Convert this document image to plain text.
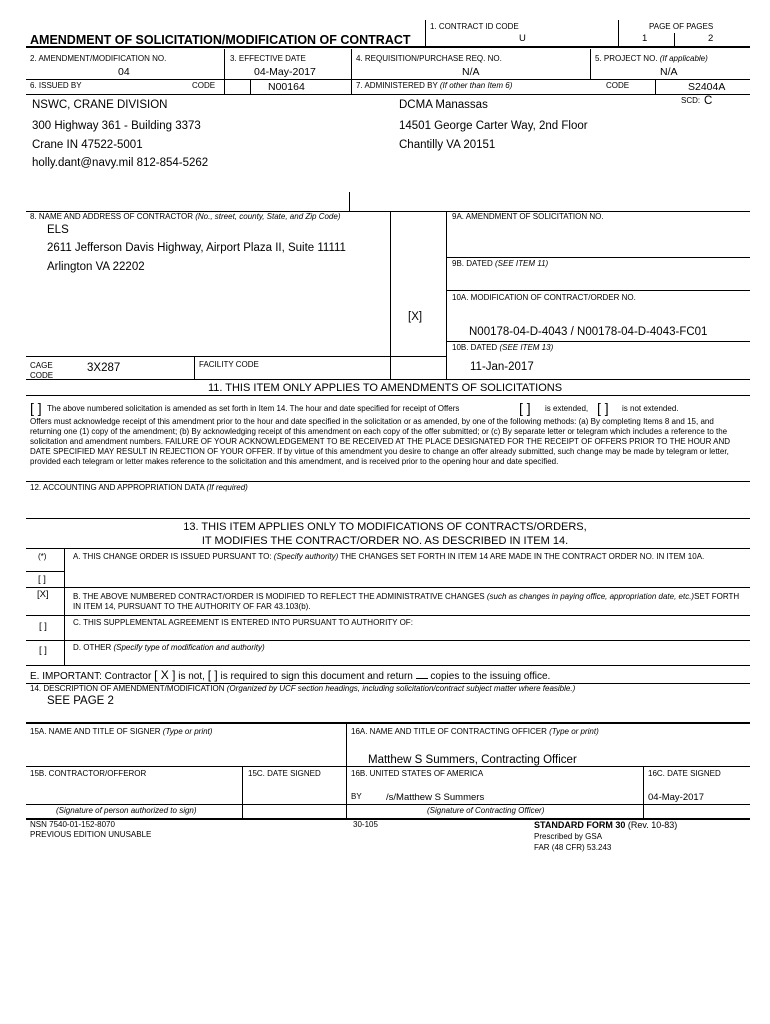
1. CONTRACT ID CODE
U
PAGE OF PAGES
1	2
AMENDMENT OF SOLICITATION/MODIFICATION OF CONTRACT
2. AMENDMENT/MODIFICATION NO.
04
3. EFFECTIVE DATE
04-May-2017
4. REQUISITION/PURCHASE REQ. NO.
N/A
5. PROJECT NO. (If applicable)
N/A
6. ISSUED BY	CODE	N00164	7. ADMINISTERED BY (If other than Item 6)	CODE	S2404A
SCD: C
NSWC, CRANE DIVISION
300 Highway 361 - Building 3373
Crane IN 47522-5001
holly.dant@navy.mil 812-854-5262
DCMA Manassas
14501 George Carter Way, 2nd Floor
Chantilly VA 20151
8. NAME AND ADDRESS OF CONTRACTOR (No., street, county, State, and Zip Code)
ELS
2611 Jefferson Davis Highway, Airport Plaza II, Suite 11111
Arlington VA 22202
CAGE
CODE
3X287	FACILITY CODE
9A. AMENDMENT OF SOLICITATION NO.
9B. DATED (SEE ITEM 11)
10A. MODIFICATION OF CONTRACT/ORDER NO.
[X]
N00178-04-D-4043 / N00178-04-D-4043-FC01
10B. DATED (SEE ITEM 13)
11-Jan-2017
11. THIS ITEM ONLY APPLIES TO AMENDMENTS OF SOLICITATIONS
[ ] The above numbered solicitation is amended as set forth in Item 14. The hour and date specified for receipt of Offers	[ ] is extended, [ ] is not extended.
Offers must acknowledge receipt of this amendment prior to the hour and date specified in the solicitation or as amended, by one of the following methods: (a) By completing Items 8 and 15, and returning one (1) copy of the amendment; (b) By acknowledging receipt of this amendment on each copy of the offer submitted; or (c) By separate letter or telegram which includes a reference to the solicitation and amendment numbers. FAILURE OF YOUR ACKNOWLEDGEMENT TO BE RECEIVED AT THE PLACE DESIGNATED FOR THE RECEIPT OF OFFERS PRIOR TO THE HOUR AND DATE SPECIFIED MAY RESULT IN REJECTION OF YOUR OFFER. If by virtue of this amendment you desire to change an offer already submitted, such change may be made by telegram or letter, provided each telegram or letter makes reference to the solicitation and this amendment, and is received prior to the opening hour and date specified.
12. ACCOUNTING AND APPROPRIATION DATA (If required)
13. THIS ITEM APPLIES ONLY TO MODIFICATIONS OF CONTRACTS/ORDERS,
IT MODIFIES THE CONTRACT/ORDER NO. AS DESCRIBED IN ITEM 14.
(*)	A. THIS CHANGE ORDER IS ISSUED PURSUANT TO: (Specify authority) THE CHANGES SET FORTH IN ITEM 14 ARE MADE IN THE CONTRACT ORDER NO. IN ITEM 10A.
[ ]
[X]	B. THE ABOVE NUMBERED CONTRACT/ORDER IS MODIFIED TO REFLECT THE ADMINISTRATIVE CHANGES (such as changes in paying office, appropriation date, etc.)SET FORTH IN ITEM 14, PURSUANT TO THE AUTHORITY OF FAR 43.103(b).
[ ]	C. THIS SUPPLEMENTAL AGREEMENT IS ENTERED INTO PURSUANT TO AUTHORITY OF:
[ ]	D. OTHER (Specify type of modification and authority)
E. IMPORTANT: Contractor [ X ] is not, [ ] is required to sign this document and return copies to the issuing office.
14. DESCRIPTION OF AMENDMENT/MODIFICATION (Organized by UCF section headings, including solicitation/contract subject matter where feasible.)
SEE PAGE 2
15A. NAME AND TITLE OF SIGNER (Type or print)	16A. NAME AND TITLE OF CONTRACTING OFFICER (Type or print)
Matthew S Summers, Contracting Officer
15B. CONTRACTOR/OFFEROR	15C. DATE SIGNED	16B. UNITED STATES OF AMERICA	16C. DATE SIGNED
BY	/s/Matthew S Summers	04-May-2017
(Signature of person authorized to sign)	(Signature of Contracting Officer)
NSN 7540-01-152-8070
PREVIOUS EDITION UNUSABLE
30-105	STANDARD FORM 30 (Rev. 10-83)
Prescribed by GSA
FAR (48 CFR) 53.243
